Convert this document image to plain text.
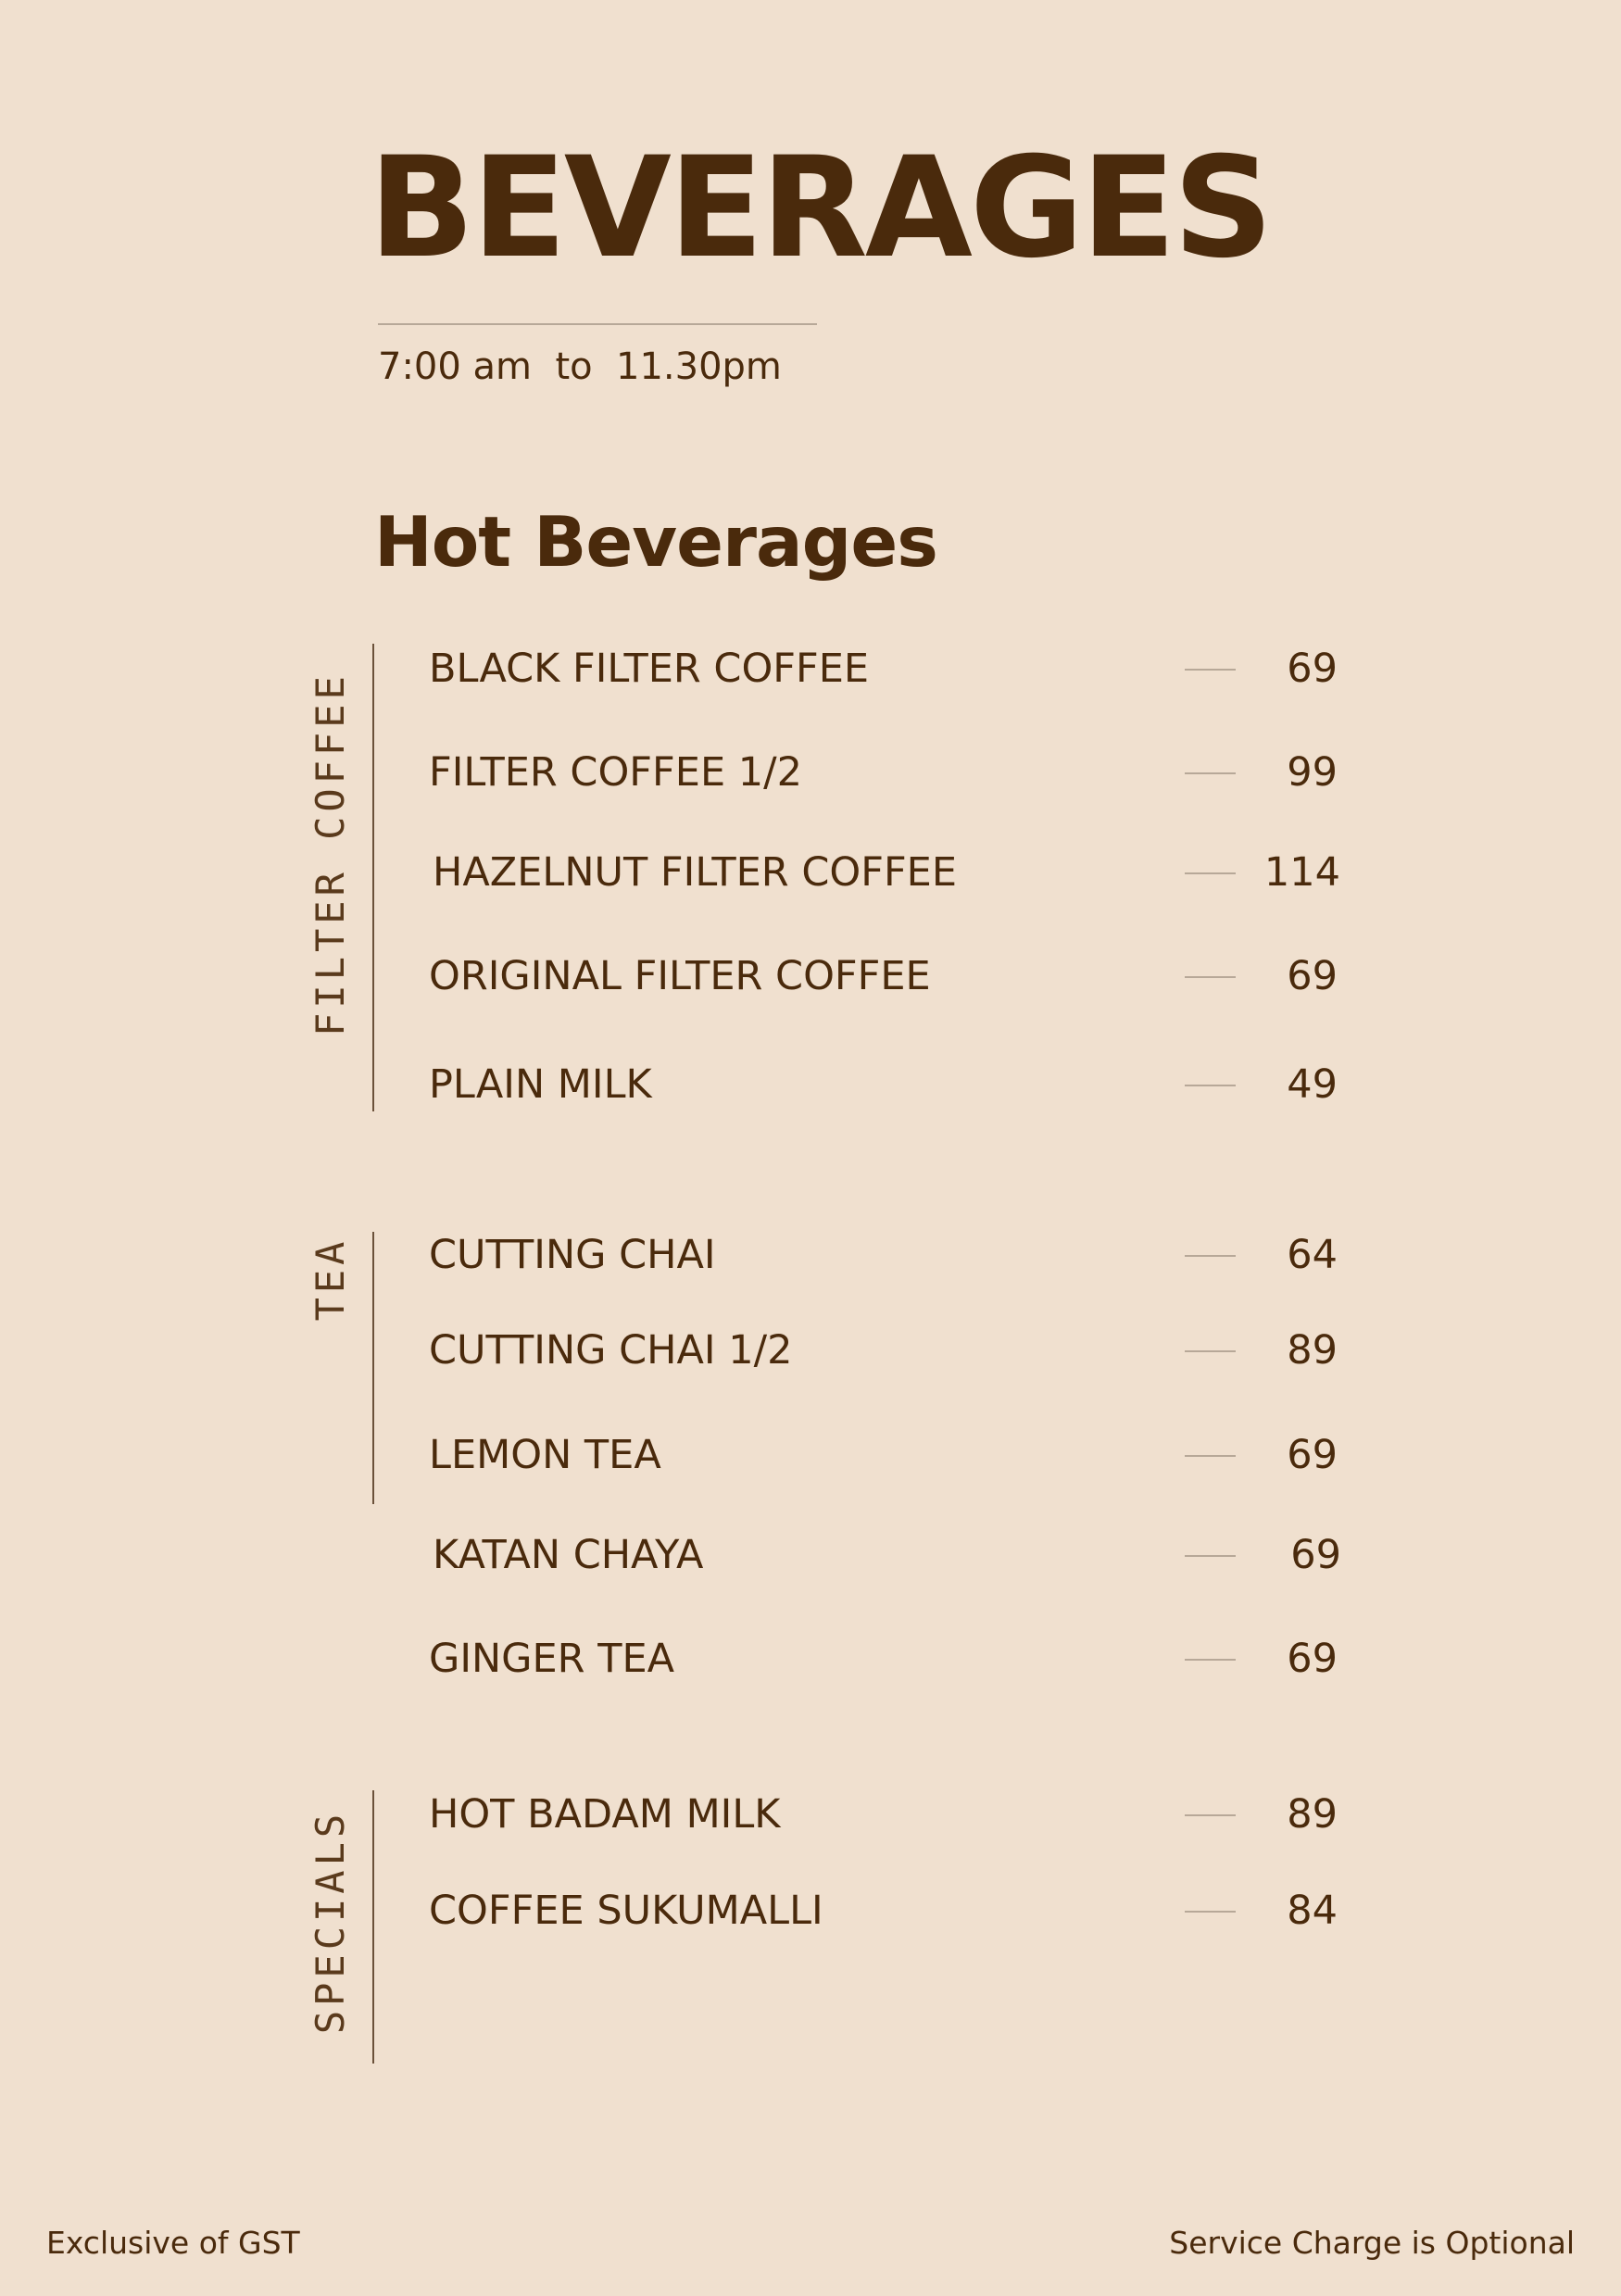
BEVERAGES
7:00 am  to  11.30pm
Hot Beverages
FILTER COFFEE
BLACK FILTER COFFEE	69
FILTER COFFEE 1/2	99
HAZELNUT FILTER COFFEE	114
ORIGINAL FILTER COFFEE	69
PLAIN MILK	49
TEA CUTTING CHAI	64
CUTTING CHAI 1/2	89
LEMON TEA	69
KATAN CHAYA	69
GINGER TEA	69
SPECIALS HOT BADAM MILK	89
COFFEE SUKUMALLI	84
Exclusive of GST	Service Charge is Optional
